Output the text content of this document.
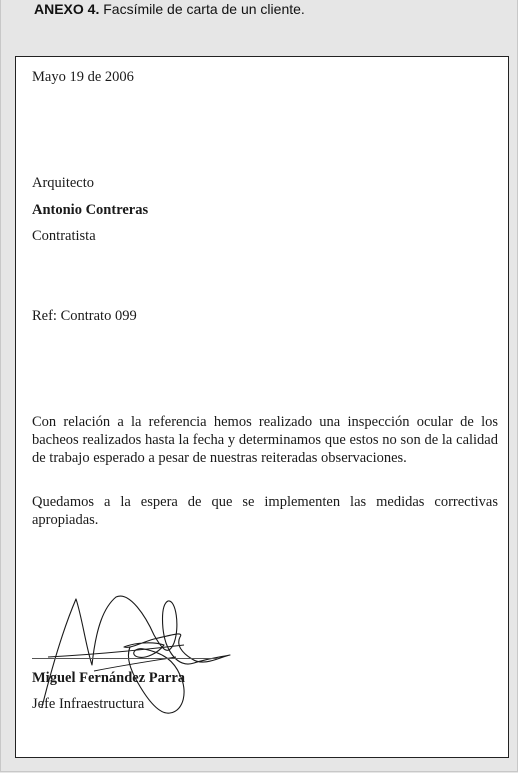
ANEXO 4. Facsímile de carta de un cliente.
Mayo 19 de 2006
Arquitecto
Antonio Contreras
Contratista
Ref: Contrato 099
Con relación a la referencia hemos realizado una inspección ocular de los bacheos realizados hasta la fecha y determinamos que estos no son de la calidad de trabajo esperado a pesar de nuestras reiteradas observaciones.
Quedamos a la espera de que se implementen las medidas correctivas apropiadas.
Miguel Fernández Parra
Jefe Infraestructura
